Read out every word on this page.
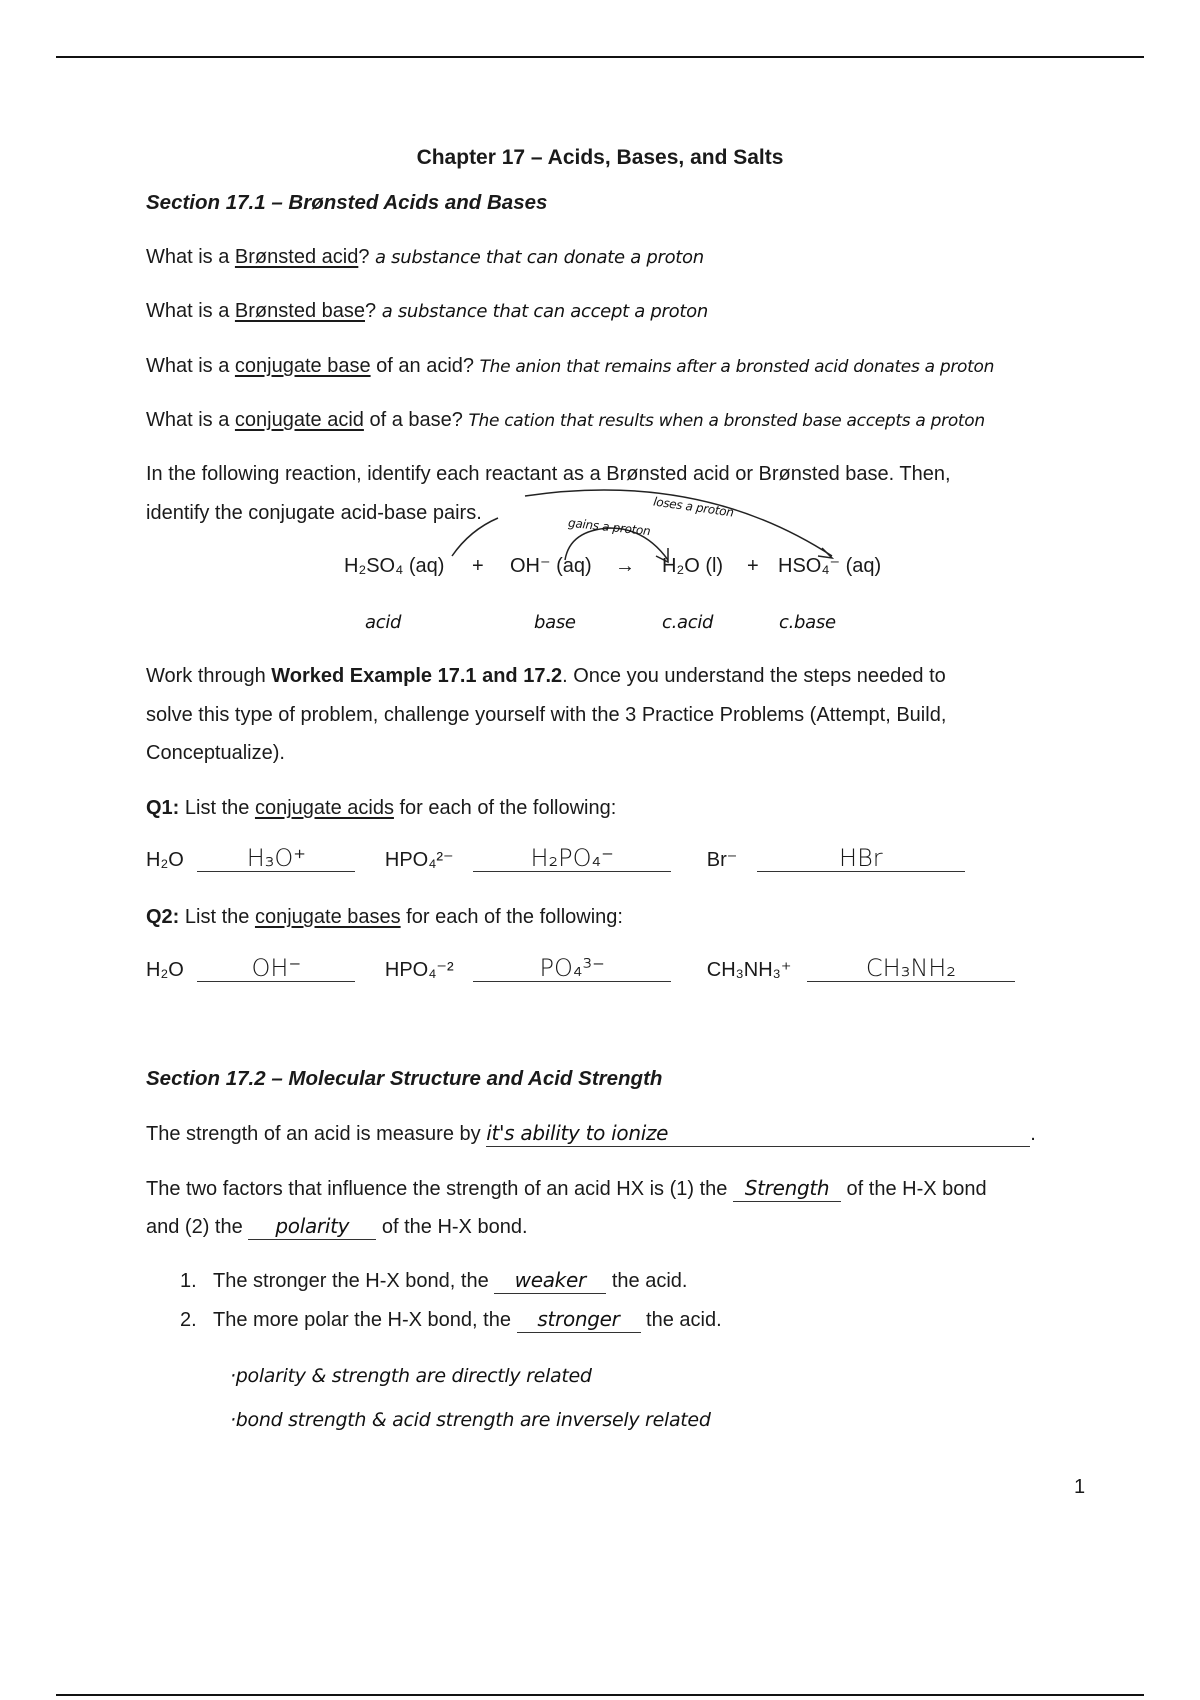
Chapter 17 – Acids, Bases, and Salts
Section 17.1 – Brønsted Acids and Bases
What is a Brønsted acid? a substance that can donate a proton
What is a Brønsted base? a substance that can accept a proton
What is a conjugate base of an acid? The anion that remains after a bronsted acid donates a proton
What is a conjugate acid of a base? The cation that results when a bronsted base accepts a proton
In the following reaction, identify each reactant as a Brønsted acid or Brønsted base. Then,
identify the conjugate acid-base pairs.	loses a proton
gains a proton
H₂SO₄ (aq) + OH⁻ (aq) → H₂O (l) + HSO₄⁻ (aq)
acid	base	c.acid	c.base
Work through Worked Example 17.1 and 17.2. Once you understand the steps needed to
solve this type of problem, challenge yourself with the 3 Practice Problems (Attempt, Build,
Conceptualize).
Q1: List the conjugate acids for each of the following:
H₂O	H₃O⁺	HPO₄²⁻	H₂PO₄⁻	Br⁻	HBr
Q2: List the conjugate bases for each of the following:
H₂O	OH⁻	HPO₄⁻²	PO₄³⁻	CH₃NH₃⁺	CH₃NH₂
Section 17.2 – Molecular Structure and Acid Strength
The strength of an acid is measure by it's ability to ionize	.
The two factors that influence the strength of an acid HX is (1) the Strength of the H-X bond
and (2) the polarity of the H-X bond.
1. The stronger the H-X bond, the weaker the acid.
2. The more polar the H-X bond, the stronger the acid.
·polarity & strength are directly related
·bond strength & acid strength are inversely related
1
